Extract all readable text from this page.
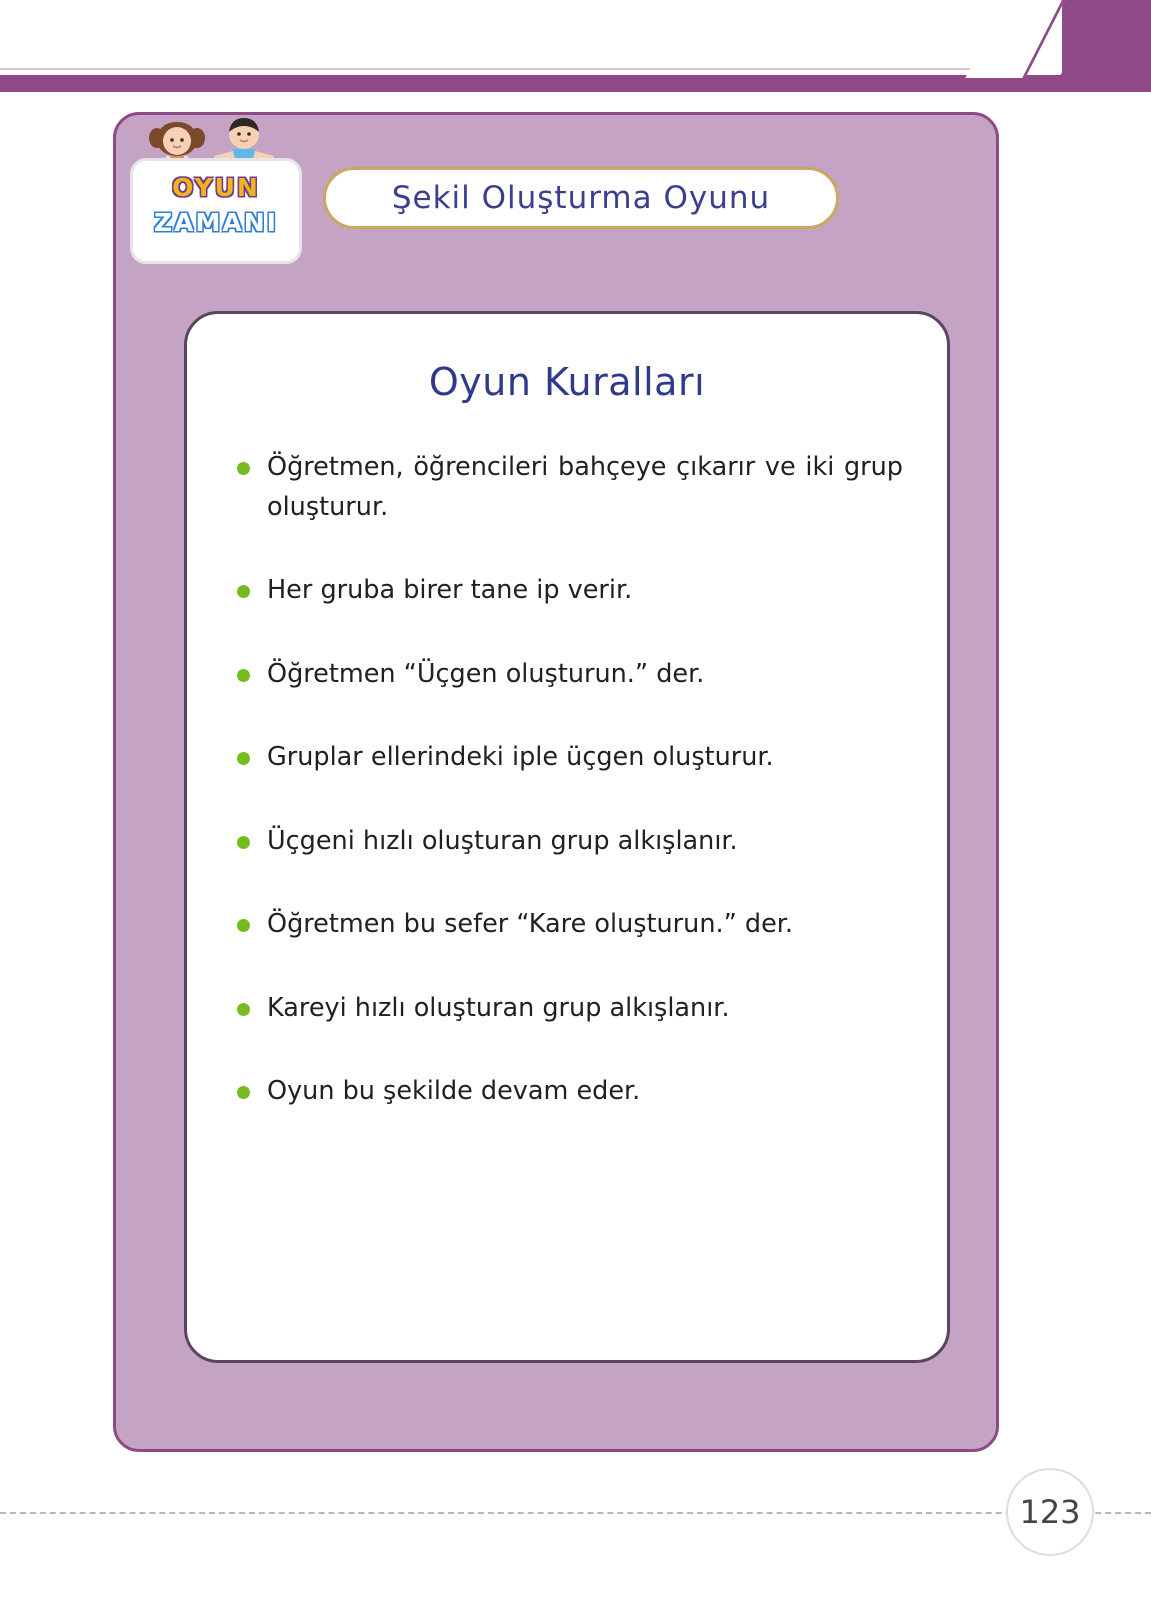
OYUN
ZAMANI
Şekil Oluşturma Oyunu
Oyun Kuralları
Öğretmen, öğrencileri bahçeye çıkarır ve iki grup oluşturur.
Her gruba birer tane ip verir.
Öğretmen “Üçgen oluşturun.” der.
Gruplar ellerindeki iple üçgen oluşturur.
Üçgeni hızlı oluşturan grup alkışlanır.
Öğretmen bu sefer “Kare oluşturun.” der.
Kareyi hızlı oluşturan grup alkışlanır.
Oyun bu şekilde devam eder.
123
